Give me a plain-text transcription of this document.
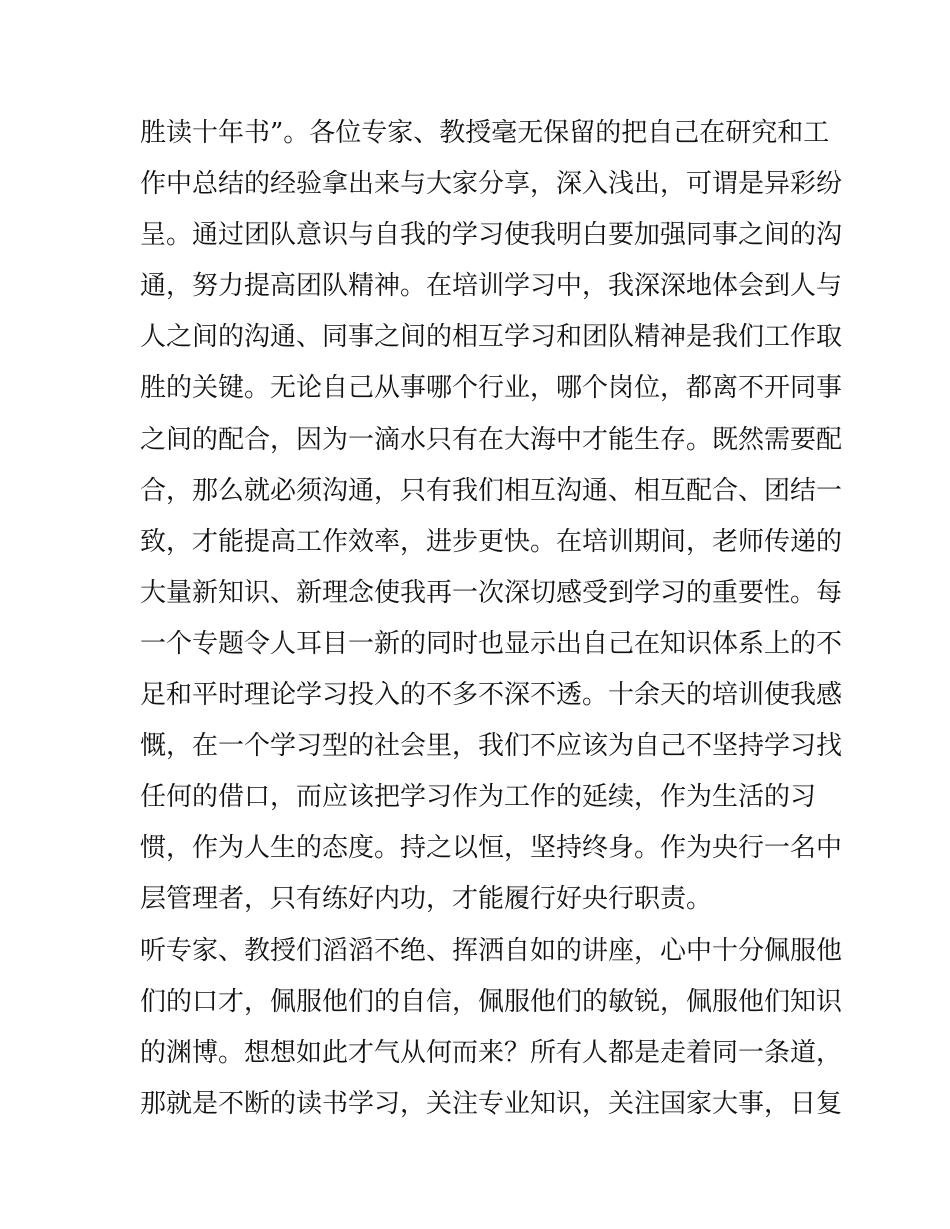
胜读十年书”。各位专家、教授毫无保留的把自己在研究和工
作中总结的经验拿出来与大家分享，深入浅出，可谓是异彩纷
呈。通过团队意识与自我的学习使我明白要加强同事之间的沟
通，努力提高团队精神。在培训学习中，我深深地体会到人与
人之间的沟通、同事之间的相互学习和团队精神是我们工作取
胜的关键。无论自己从事哪个行业，哪个岗位，都离不开同事
之间的配合，因为一滴水只有在大海中才能生存。既然需要配
合，那么就必须沟通，只有我们相互沟通、相互配合、团结一
致，才能提高工作效率，进步更快。在培训期间，老师传递的
大量新知识、新理念使我再一次深切感受到学习的重要性。每
一个专题令人耳目一新的同时也显示出自己在知识体系上的不
足和平时理论学习投入的不多不深不透。十余天的培训使我感
慨，在一个学习型的社会里，我们不应该为自己不坚持学习找
任何的借口，而应该把学习作为工作的延续，作为生活的习
惯，作为人生的态度。持之以恒，坚持终身。作为央行一名中
层管理者，只有练好内功，才能履行好央行职责。
听专家、教授们滔滔不绝、挥洒自如的讲座，心中十分佩服他
们的口才，佩服他们的自信，佩服他们的敏锐，佩服他们知识
的渊博。想想如此才气从何而来？所有人都是走着同一条道，
那就是不断的读书学习，关注专业知识，关注国家大事，日复
